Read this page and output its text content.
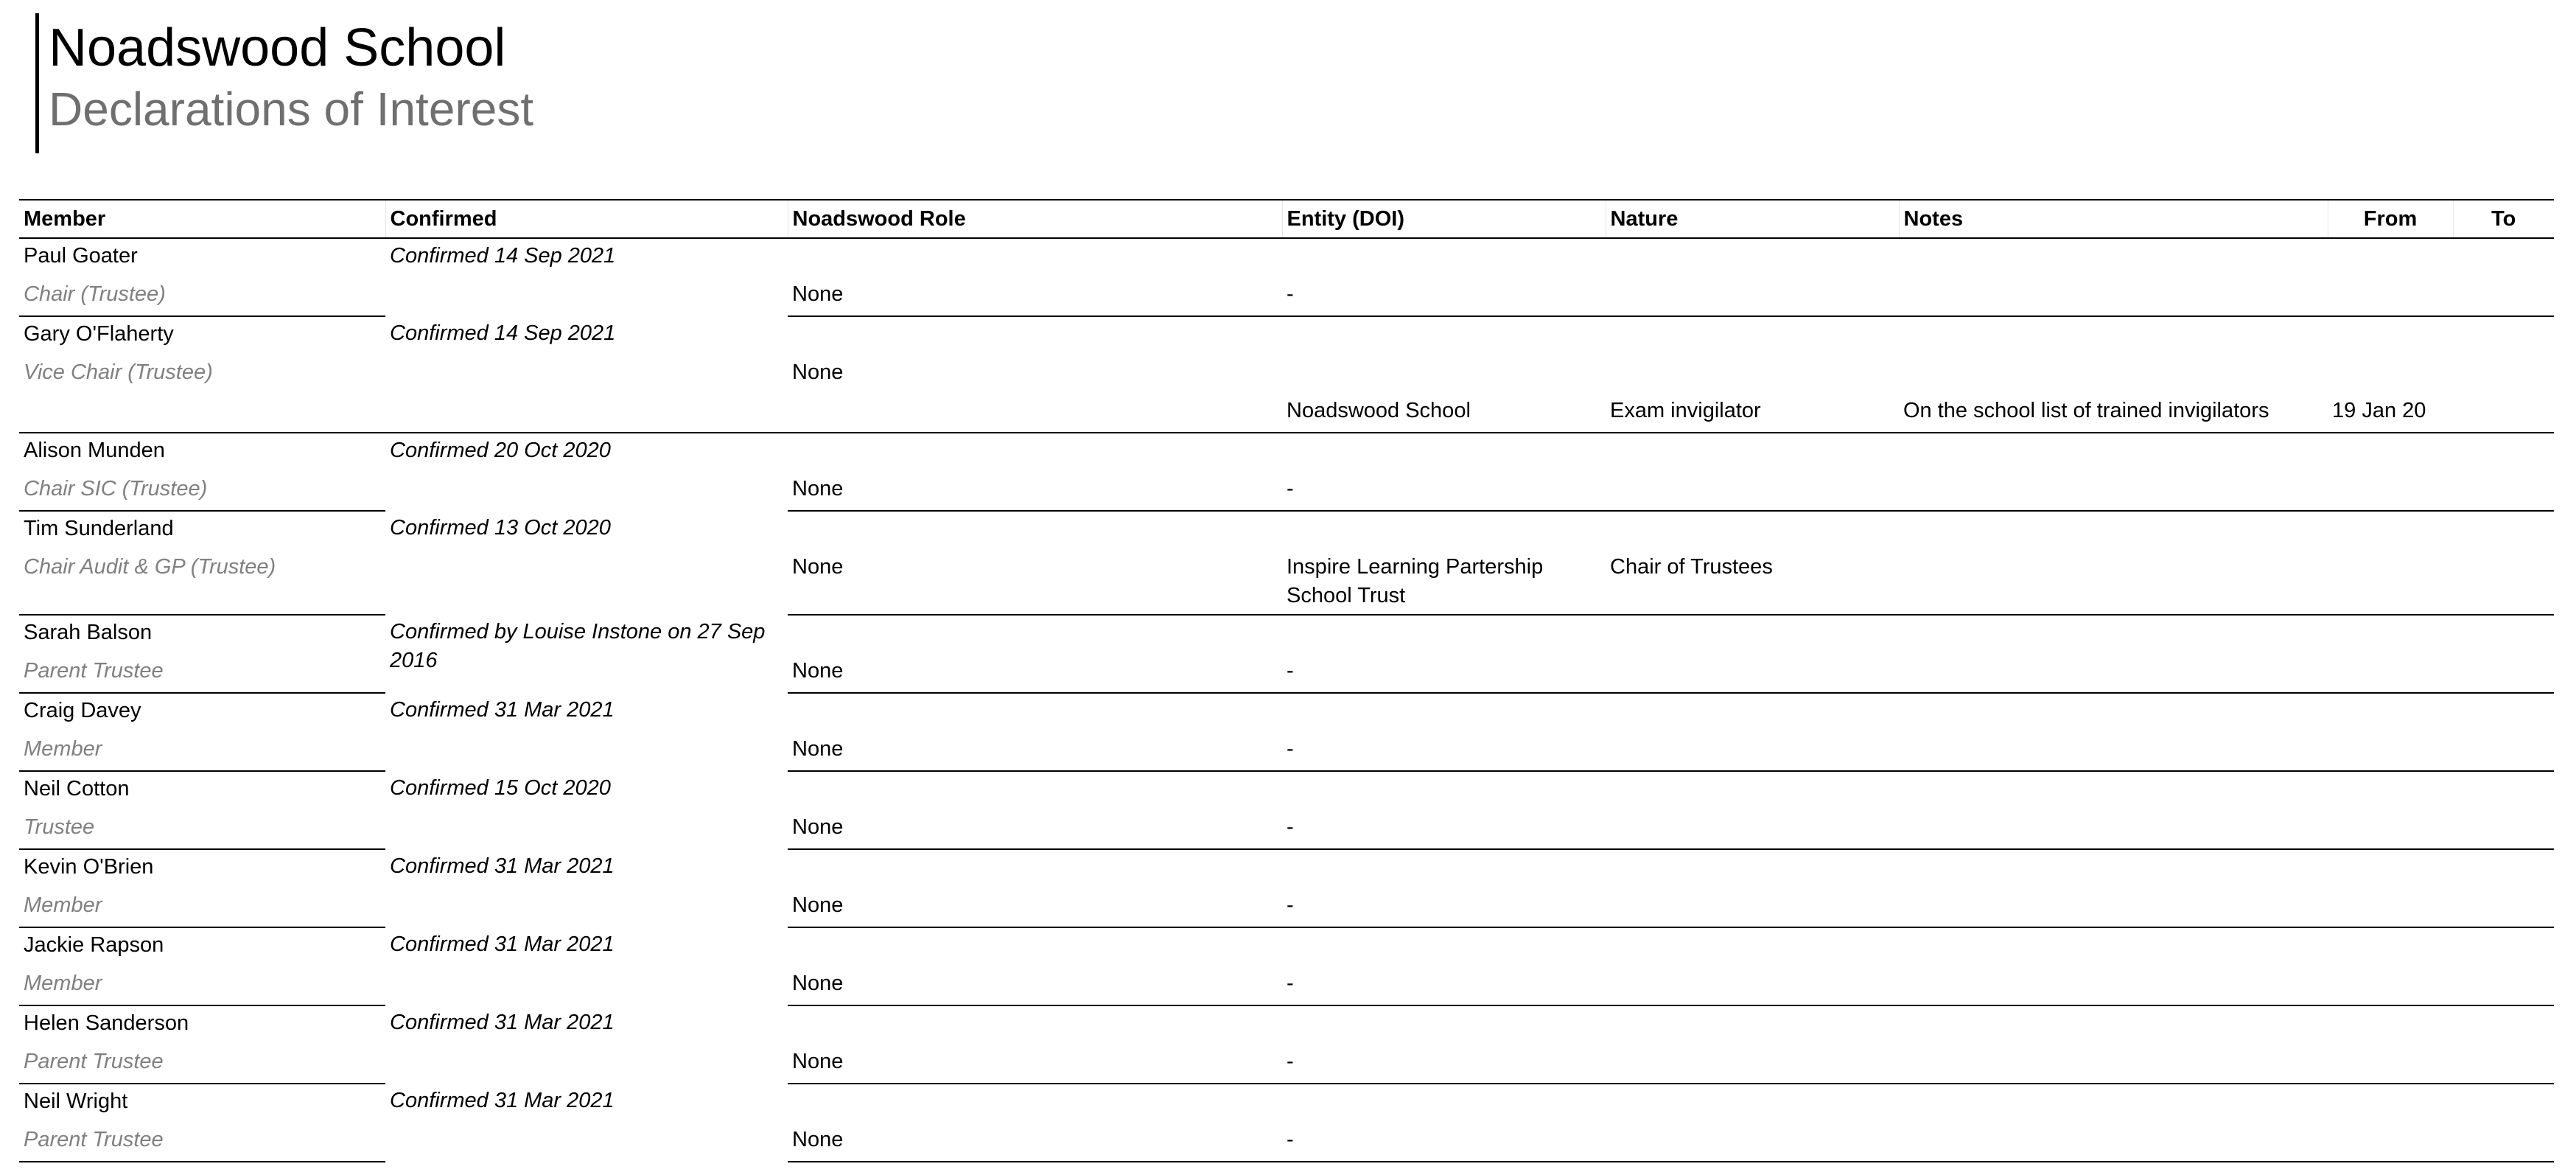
Noadswood School
Declarations of Interest
Member	Confirmed	Noadswood Role	Entity (DOI)	Nature	Notes	From	To
Paul Goater	Confirmed 14 Sep 2021						
Chair (Trustee)		None	-				
Gary O'Flaherty	Confirmed 14 Sep 2021						
Vice Chair (Trustee)		None					
			Noadswood School	Exam invigilator	On the school list of trained invigilators	19 Jan 20	
Alison Munden	Confirmed 20 Oct 2020						
Chair SIC (Trustee)		None	-				
Tim Sunderland	Confirmed 13 Oct 2020						
Chair Audit & GP (Trustee)		None	Inspire Learning Partership School Trust	Chair of Trustees			
Sarah Balson	Confirmed by Louise Instone on 27 Sep 2016						
Parent Trustee		None	-				
Craig Davey	Confirmed 31 Mar 2021						
Member		None	-				
Neil Cotton	Confirmed 15 Oct 2020						
Trustee		None	-				
Kevin O'Brien	Confirmed 31 Mar 2021						
Member		None	-				
Jackie Rapson	Confirmed 31 Mar 2021						
Member		None	-				
Helen Sanderson	Confirmed 31 Mar 2021						
Parent Trustee		None	-				
Neil Wright	Confirmed 31 Mar 2021						
Parent Trustee		None	-				
